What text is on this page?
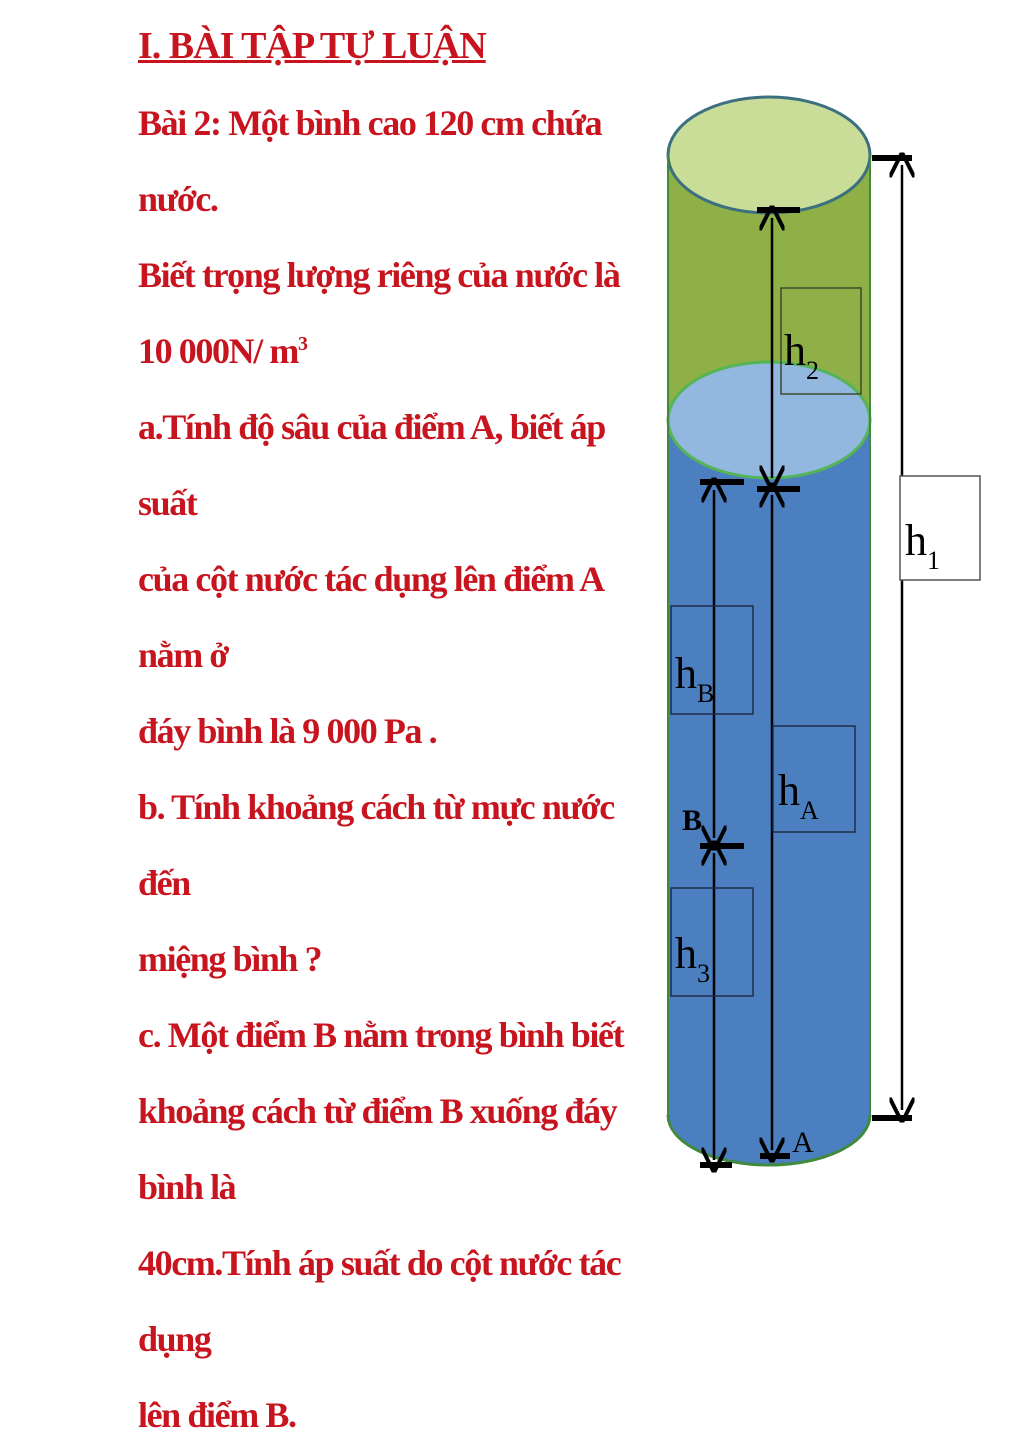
I. BÀI TẬP TỰ LUẬN

Bài 2: Một bình cao 120 cm chứa nước.

Biết trọng lượng riêng của nước là

10 000N/ $m^3$

a.Tính độ sâu của điểm A, biết áp suất

của cột nước tác dụng lên điểm A nằm ở

đáy bình là 9 000 Pa .

b. Tính khoảng cách từ mực nước đến

miệng bình ?

c. Một điểm B nằm trong bình biết

khoảng cách từ điểm B xuống đáy bình là

40cm.Tính áp suất do cột nước tác dụng

lên điểm B.

$h_1$
$h_2$
$h_A$
A
$h_B$
B
$h_3$
